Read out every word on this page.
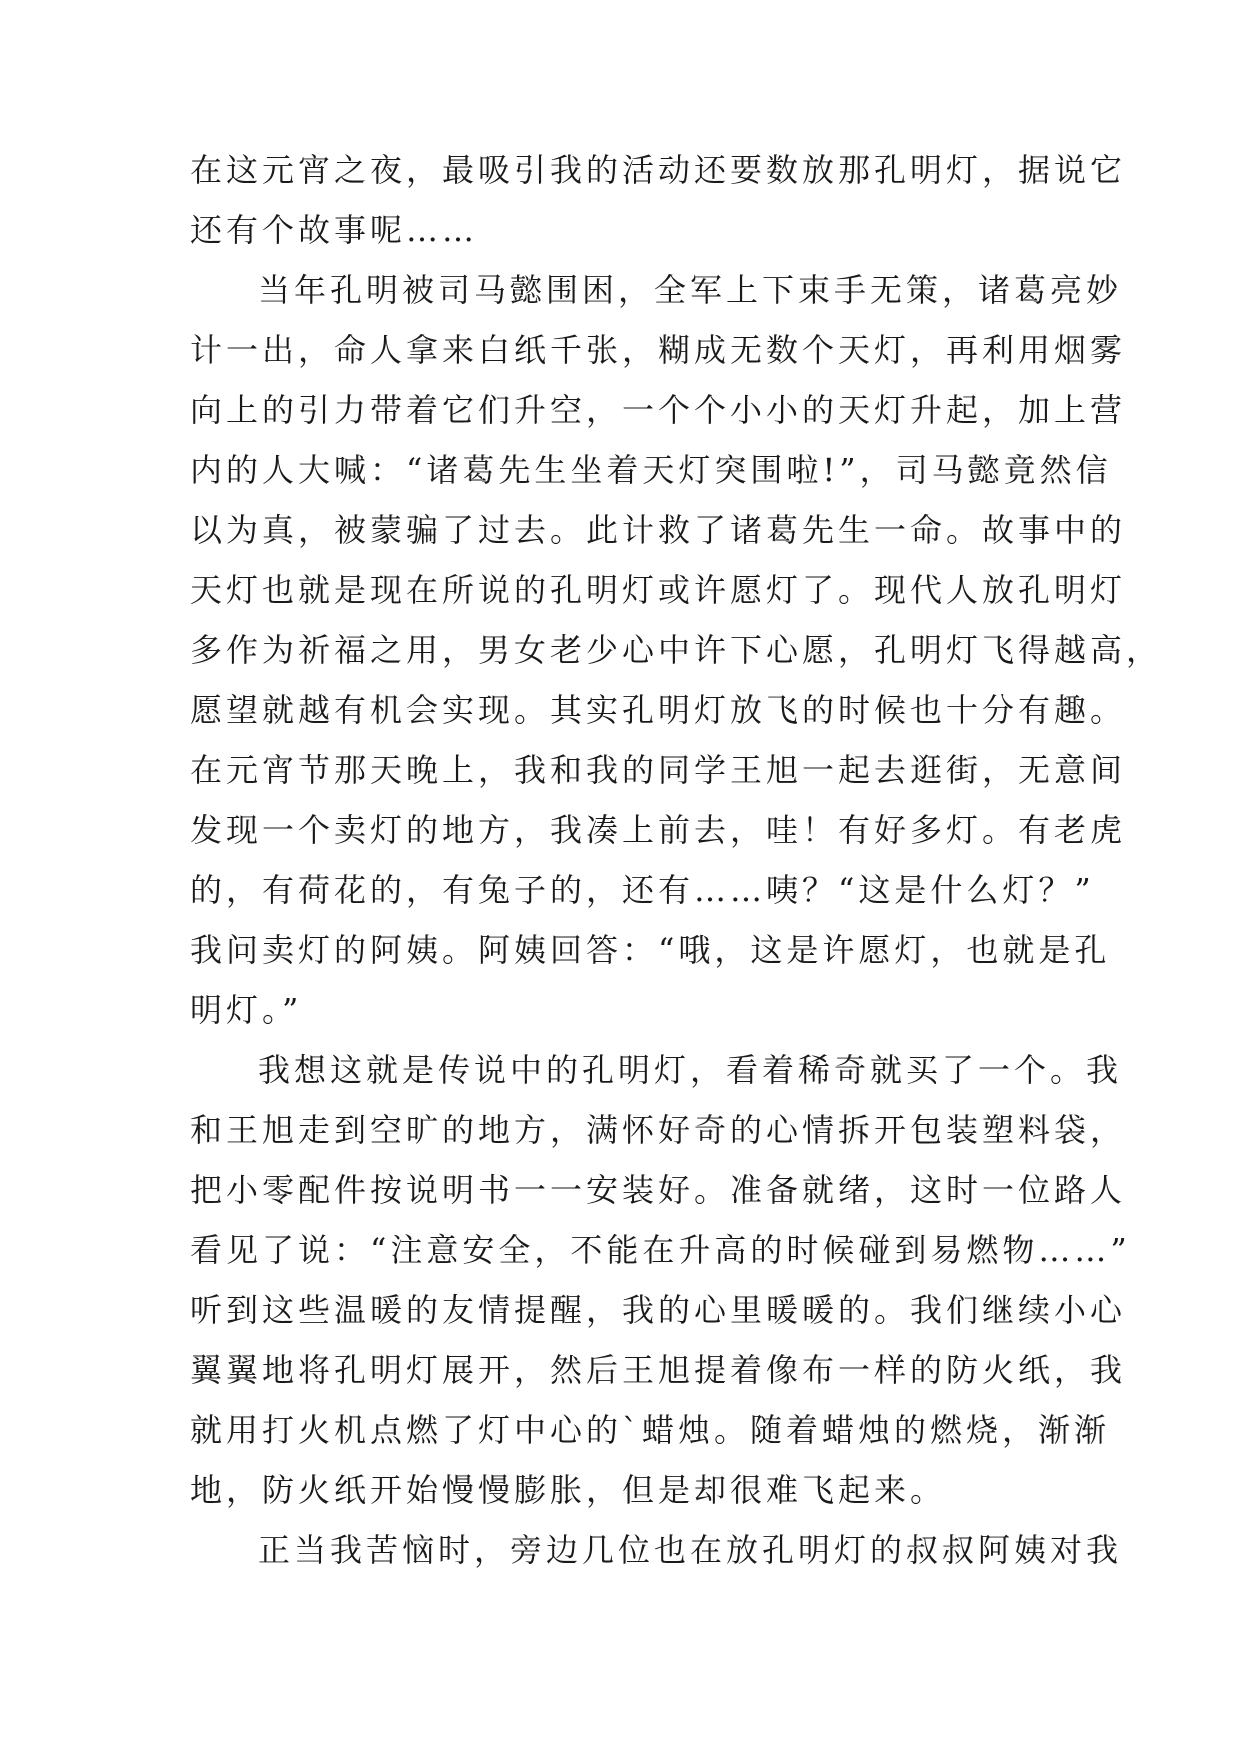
在这元宵之夜，最吸引我的活动还要数放那孔明灯，据说它
还有个故事呢……
当年孔明被司马懿围困，全军上下束手无策，诸葛亮妙
计一出，命人拿来白纸千张，糊成无数个天灯，再利用烟雾
向上的引力带着它们升空，一个个小小的天灯升起，加上营
内的人大喊：“诸葛先生坐着天灯突围啦!”，司马懿竟然信
以为真，被蒙骗了过去。此计救了诸葛先生一命。故事中的
天灯也就是现在所说的孔明灯或许愿灯了。现代人放孔明灯
多作为祈福之用，男女老少心中许下心愿，孔明灯飞得越高，
愿望就越有机会实现。其实孔明灯放飞的时候也十分有趣。
在元宵节那天晚上，我和我的同学王旭一起去逛街，无意间
发现一个卖灯的地方，我凑上前去，哇！有好多灯。有老虎
的，有荷花的，有兔子的，还有……咦？“这是什么灯？”
我问卖灯的阿姨。阿姨回答：“哦，这是许愿灯，也就是孔
明灯。”
我想这就是传说中的孔明灯，看着稀奇就买了一个。我
和王旭走到空旷的地方，满怀好奇的心情拆开包装塑料袋，
把小零配件按说明书一一安装好。准备就绪，这时一位路人
看见了说：“注意安全，不能在升高的时候碰到易燃物……”
听到这些温暖的友情提醒，我的心里暖暖的。我们继续小心
翼翼地将孔明灯展开，然后王旭提着像布一样的防火纸，我
就用打火机点燃了灯中心的`蜡烛。随着蜡烛的燃烧，渐渐
地，防火纸开始慢慢膨胀，但是却很难飞起来。
正当我苦恼时，旁边几位也在放孔明灯的叔叔阿姨对我
